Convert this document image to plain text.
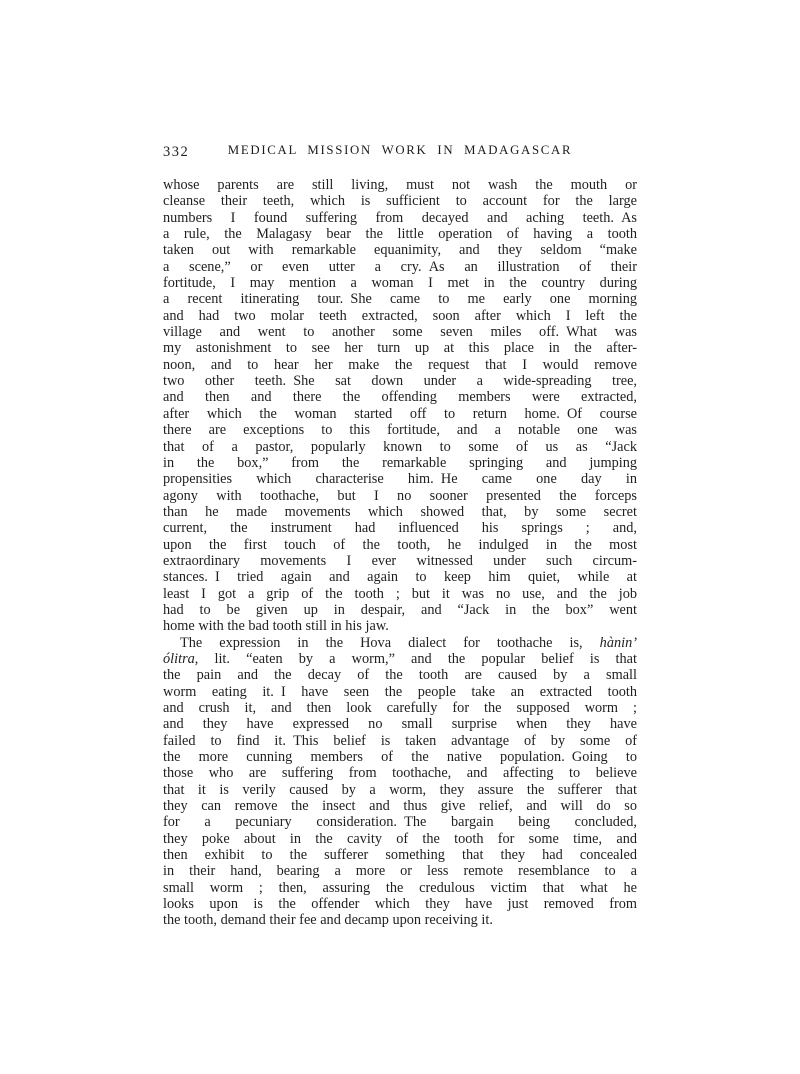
332	MEDICAL MISSION WORK IN MADAGASCAR
whose parents are still living, must not wash the mouth or
cleanse their teeth, which is sufficient to account for the large
numbers I found suffering from decayed and aching teeth. As
a rule, the Malagasy bear the little operation of having a tooth
taken out with remarkable equanimity, and they seldom “make
a scene,” or even utter a cry. As an illustration of their
fortitude, I may mention a woman I met in the country during
a recent itinerating tour. She came to me early one morning
and had two molar teeth extracted, soon after which I left the
village and went to another some seven miles off. What was
my astonishment to see her turn up at this place in the after-
noon, and to hear her make the request that I would remove
two other teeth. She sat down under a wide-spreading tree,
and then and there the offending members were extracted,
after which the woman started off to return home. Of course
there are exceptions to this fortitude, and a notable one was
that of a pastor, popularly known to some of us as “Jack
in the box,” from the remarkable springing and jumping
propensities which characterise him. He came one day in
agony with toothache, but I no sooner presented the forceps
than he made movements which showed that, by some secret
current, the instrument had influenced his springs ; and,
upon the first touch of the tooth, he indulged in the most
extraordinary movements I ever witnessed under such circum-
stances. I tried again and again to keep him quiet, while at
least I got a grip of the tooth ; but it was no use, and the job
had to be given up in despair, and “Jack in the box” went
home with the bad tooth still in his jaw.
The expression in the Hova dialect for toothache is, hànin’
ólitra, lit. “eaten by a worm,” and the popular belief is that
the pain and the decay of the tooth are caused by a small
worm eating it. I have seen the people take an extracted tooth
and crush it, and then look carefully for the supposed worm ;
and they have expressed no small surprise when they have
failed to find it. This belief is taken advantage of by some of
the more cunning members of the native population. Going to
those who are suffering from toothache, and affecting to believe
that it is verily caused by a worm, they assure the sufferer that
they can remove the insect and thus give relief, and will do so
for a pecuniary consideration. The bargain being concluded,
they poke about in the cavity of the tooth for some time, and
then exhibit to the sufferer something that they had concealed
in their hand, bearing a more or less remote resemblance to a
small worm ; then, assuring the credulous victim that what he
looks upon is the offender which they have just removed from
the tooth, demand their fee and decamp upon receiving it.
